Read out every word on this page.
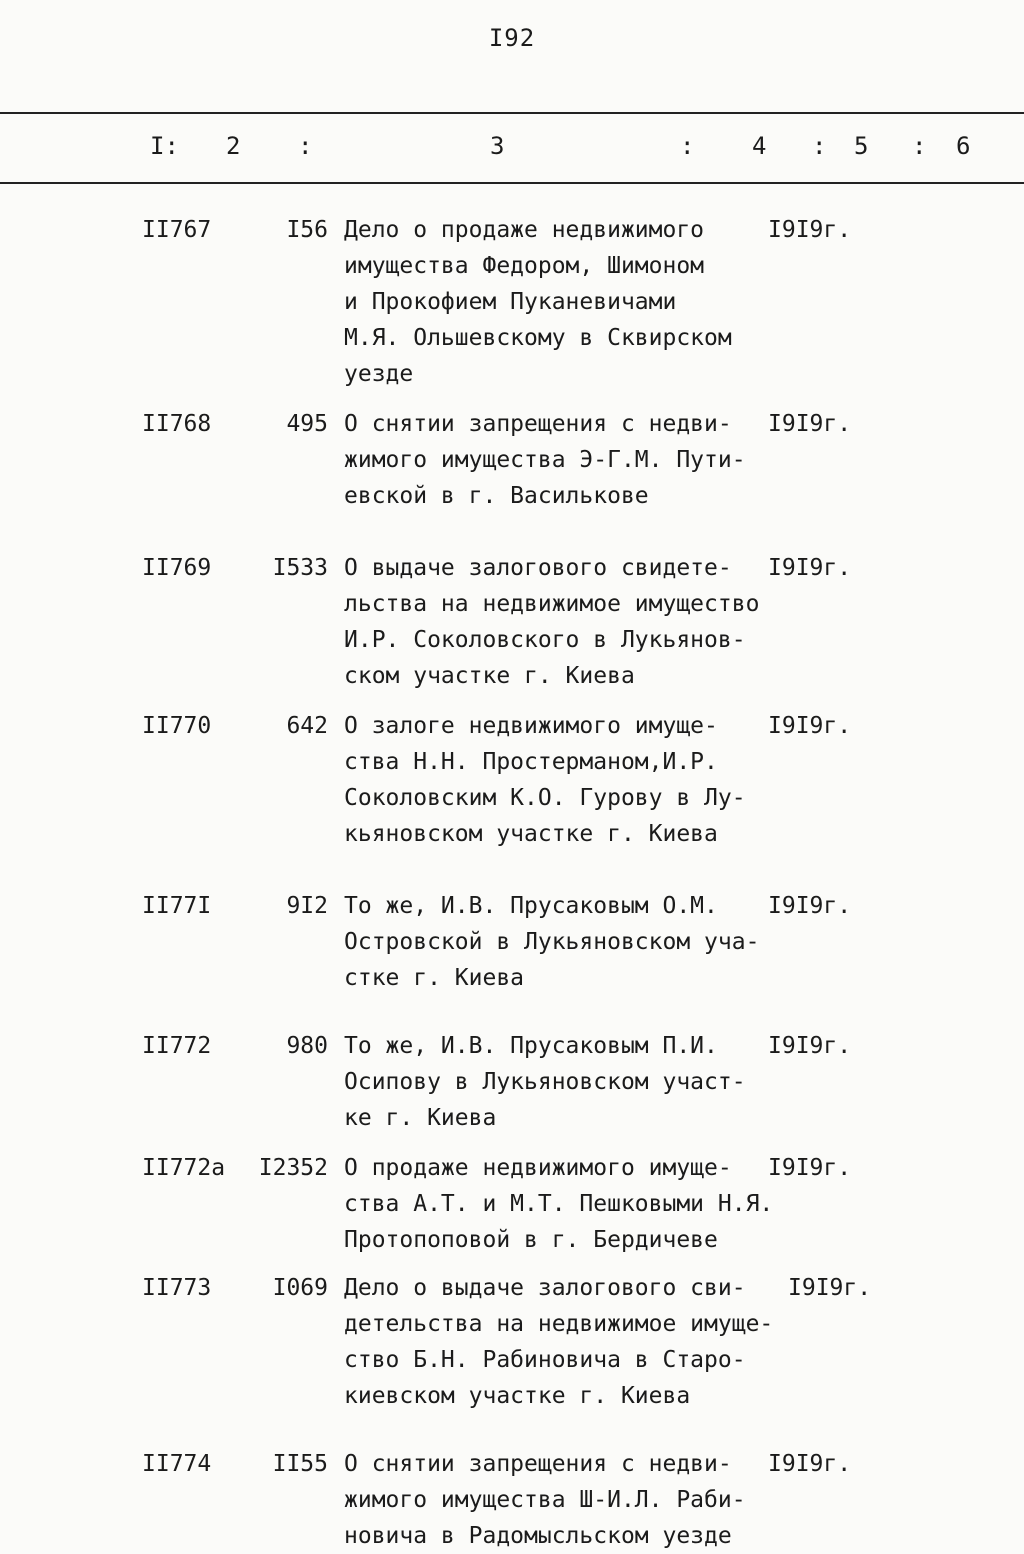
I92
I: 2 :	3	: 4 : 5 : 6
II767	I56 Дело о продаже недвижимого
имущества Федором, Шимоном
и Прокофием Пуканевичами
М.Я. Ольшевскому в Сквирском
уезде
I9I9г.
II768	495 О снятии запрещения с недви-
жимого имущества Э-Г.М. Пути-
евской в г. Василькове
I9I9г.
II769	I533 О выдаче залогового свидете-
льства на недвижимое имущество
И.Р. Соколовского в Лукьянов-
ском участке г. Киева
I9I9г.
II770	642 О залоге недвижимого имуще-
ства Н.Н. Простерманом,И.Р.
Соколовским К.О. Гурову в Лу-
кьяновском участке г. Киева
I9I9г.
II77I	9I2 То же, И.В. Прусаковым О.М.
Островской в Лукьяновском уча-
стке г. Киева
I9I9г.
II772	980 То же, И.В. Прусаковым П.И.
Осипову в Лукьяновском участ-
ке г. Киева
I9I9г.
II772а	I2352 О продаже недвижимого имуще-
ства А.Т. и М.Т. Пешковыми Н.Я.
Протопоповой в г. Бердичеве
I9I9г.
II773	I069 Дело о выдаче залогового сви-
детельства на недвижимое имуще-
ство Б.Н. Рабиновича в Старо-
киевском участке г. Киева
I9I9г.
II774	II55 О снятии запрещения с недви-
жимого имущества Ш-И.Л. Раби-
новича в Радомысльском уезде
I9I9г.
